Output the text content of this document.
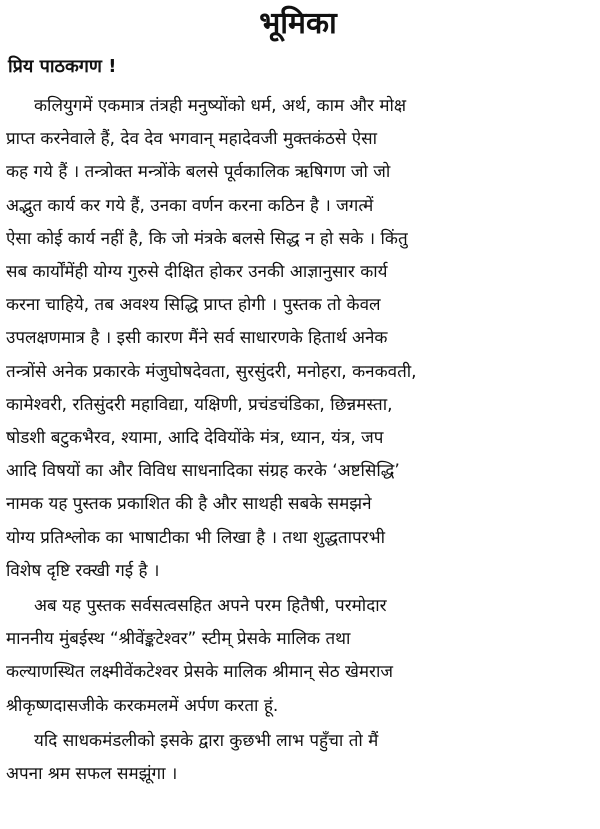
भूमिका
प्रिय पाठकगण !

कलियुगमें एकमात्र तंत्रही मनुष्योंको धर्म, अर्थ, काम और मोक्ष
प्राप्त करनेवाले हैं, देव देव भगवान् महादेवजी मुक्तकंठसे ऐसा
कह गये हैं । तन्त्रोक्त मन्त्रोंके बलसे पूर्वकालिक ऋषिगण जो जो
अद्भुत कार्य कर गये हैं, उनका वर्णन करना कठिन है । जगत्में
ऐसा कोई कार्य नहीं है, कि जो मंत्रके बलसे सिद्ध न हो सके । किंतु
सब कार्योंमेंही योग्य गुरुसे दीक्षित होकर उनकी आज्ञानुसार कार्य
करना चाहिये, तब अवश्य सिद्धि प्राप्त होगी । पुस्तक तो केवल
उपलक्षणमात्र है । इसी कारण मैंने सर्व साधारणके हितार्थ अनेक
तन्त्रोंसे अनेक प्रकारके मंजुघोषदेवता, सुरसुंदरी, मनोहरा, कनकवती,
कामेश्वरी, रतिसुंदरी महाविद्या, यक्षिणी, प्रचंडचंडिका, छिन्नमस्ता,
षोडशी बटुकभैरव, श्यामा, आदि देवियोंके मंत्र, ध्यान, यंत्र, जप
आदि विषयों का और विविध साधनादिका संग्रह करके ‘अष्टसिद्धि’
नामक यह पुस्तक प्रकाशित की है और साथही सबके समझने
योग्य प्रतिश्लोक का भाषाटीका भी लिखा है । तथा शुद्धतापरभी
विशेष दृष्टि रक्खी गई है ।

अब यह पुस्तक सर्वसत्वसहित अपने परम हितैषी, परमोदार
माननीय मुंबईस्थ “श्रीवेंङ्कटेश्वर” स्टीम् प्रेसके मालिक तथा
कल्याणस्थित लक्ष्मीवेंकटेश्वर प्रेसके मालिक श्रीमान् सेठ खेमराज
श्रीकृष्णदासजीके करकमलमें अर्पण करता हूं.

यदि साधकमंडलीको इसके द्वारा कुछभी लाभ पहुँचा तो मैं
अपना श्रम सफल समझूंगा ।
